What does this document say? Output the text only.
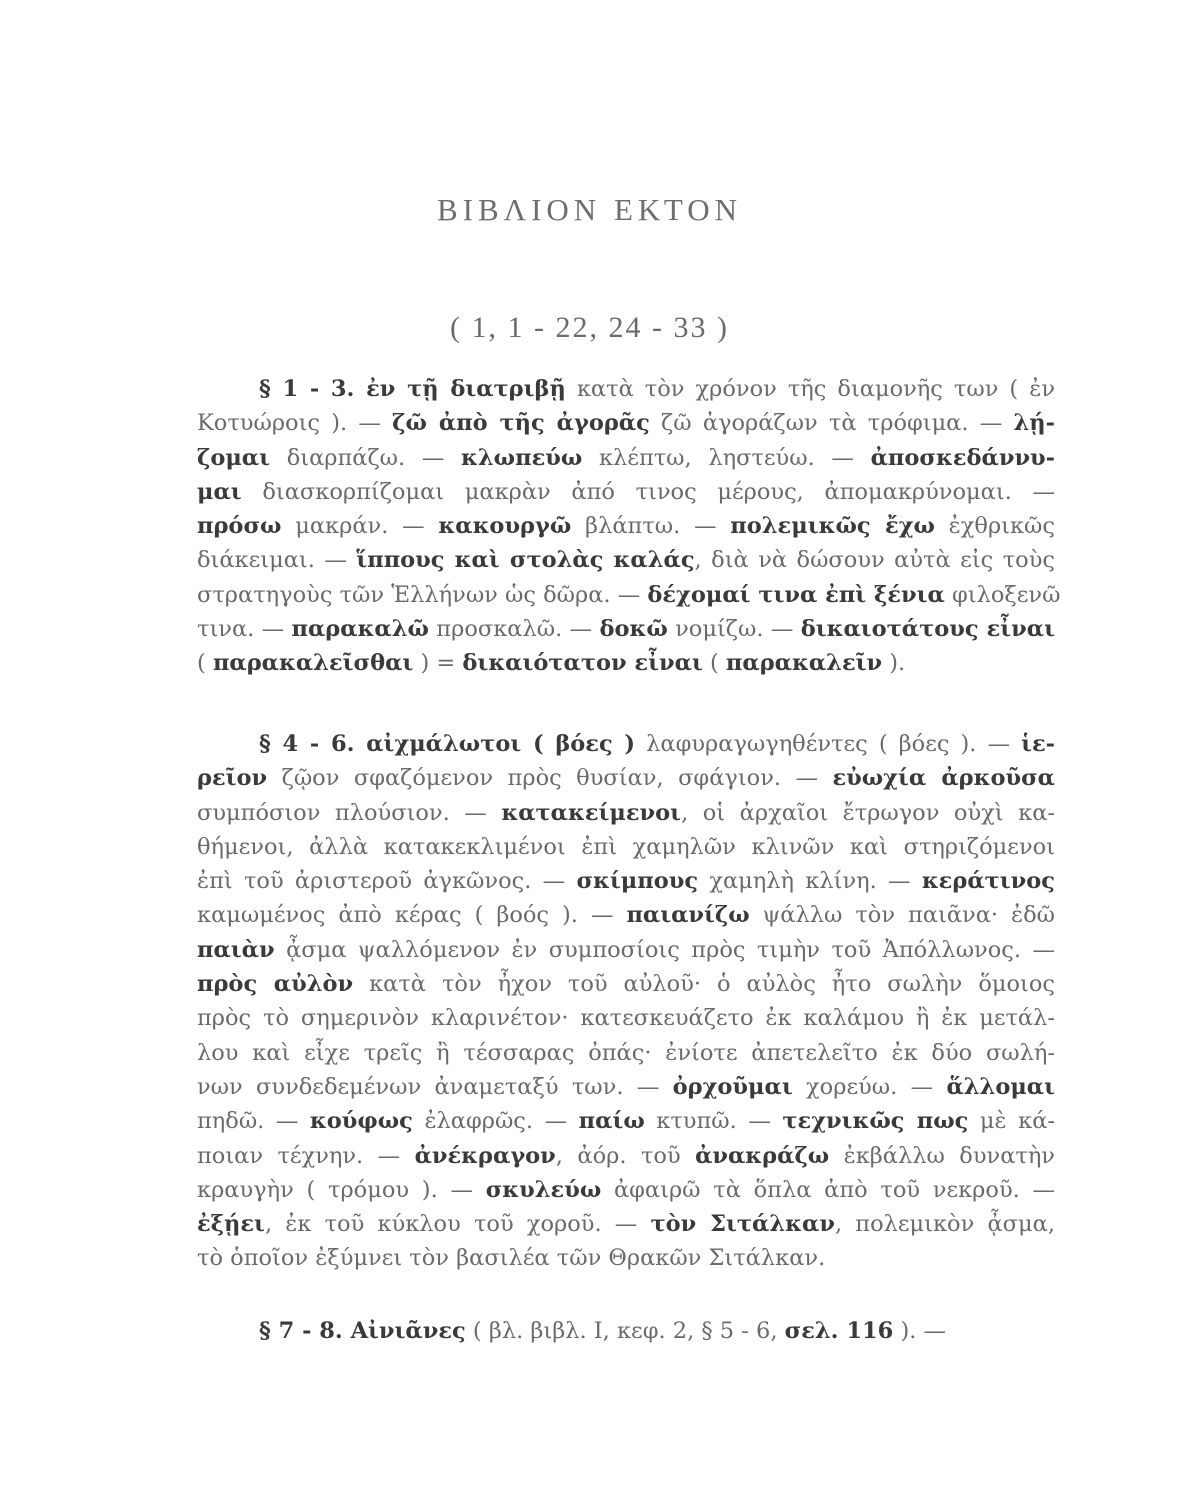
ΒΙΒΛΙΟΝ ΕΚΤΟΝ
( 1, 1 - 22, 24 - 33 )
§ 1 - 3. ἐν τῇ διατριβῇ κατὰ τὸν χρόνον τῆς διαμονῆς των ( ἐν
Κοτυώροις ). — ζῶ ἀπὸ τῆς ἀγορᾶς ζῶ ἀγοράζων τὰ τρόφιμα. — λῄ-
ζομαι διαρπάζω. — κλωπεύω κλέπτω, ληστεύω. — ἀποσκεδάννυ-
μαι διασκορπίζομαι μακρὰν ἀπό τινος μέρους, ἀπομακρύνομαι. —
πρόσω μακράν. — κακουργῶ βλάπτω. — πολεμικῶς ἔχω ἐχθρικῶς
διάκειμαι. — ἵππους καὶ στολὰς καλάς, διὰ νὰ δώσουν αὐτὰ εἰς τοὺς
στρατηγοὺς τῶν Ἑλλήνων ὡς δῶρα. — δέχομαί τινα ἐπὶ ξένια φιλοξενῶ
τινα. — παρακαλῶ προσκαλῶ. — δοκῶ νομίζω. — δικαιοτάτους εἶναι
( παρακαλεῖσθαι ) = δικαιότατον εἶναι ( παρακαλεῖν ).
§ 4 - 6. αἰχμάλωτοι ( βόες ) λαφυραγωγηθέντες ( βόες ). — ἱε-
ρεῖον ζῷον σφαζόμενον πρὸς θυσίαν, σφάγιον. — εὐωχία ἀρκοῦσα
συμπόσιον πλούσιον. — κατακείμενοι, οἱ ἀρχαῖοι ἔτρωγον οὐχὶ κα-
θήμενοι, ἀλλὰ κατακεκλιμένοι ἐπὶ χαμηλῶν κλινῶν καὶ στηριζόμενοι
ἐπὶ τοῦ ἀριστεροῦ ἀγκῶνος. — σκίμπους χαμηλὴ κλίνη. — κεράτινος
καμωμένος ἀπὸ κέρας ( βοός ). — παιανίζω ψάλλω τὸν παιᾶνα· ἐδῶ
παιὰν ᾆσμα ψαλλόμενον ἐν συμποσίοις πρὸς τιμὴν τοῦ Ἀπόλλωνος. —
πρὸς αὐλὸν κατὰ τὸν ἦχον τοῦ αὐλοῦ· ὁ αὐλὸς ἦτο σωλὴν ὅμοιος
πρὸς τὸ σημερινὸν κλαρινέτον· κατεσκευάζετο ἐκ καλάμου ἢ ἐκ μετάλ-
λου καὶ εἶχε τρεῖς ἢ τέσσαρας ὀπάς· ἐνίοτε ἀπετελεῖτο ἐκ δύο σωλή-
νων συνδεδεμένων ἀναμεταξύ των. — ὀρχοῦμαι χορεύω. — ἅλλομαι
πηδῶ. — κούφως ἐλαφρῶς. — παίω κτυπῶ. — τεχνικῶς πως μὲ κά-
ποιαν τέχνην. — ἀνέκραγον, ἀόρ. τοῦ ἀνακράζω ἐκβάλλω δυνατὴν
κραυγὴν ( τρόμου ). — σκυλεύω ἀφαιρῶ τὰ ὅπλα ἀπὸ τοῦ νεκροῦ. —
ἐξῄει, ἐκ τοῦ κύκλου τοῦ χοροῦ. — τὸν Σιτάλκαν, πολεμικὸν ᾆσμα,
τὸ ὁποῖον ἐξύμνει τὸν βασιλέα τῶν Θρακῶν Σιτάλκαν.
§ 7 - 8. Αἰνιᾶνες ( βλ. βιβλ. I, κεφ. 2, § 5 - 6, σελ. 116 ). —
